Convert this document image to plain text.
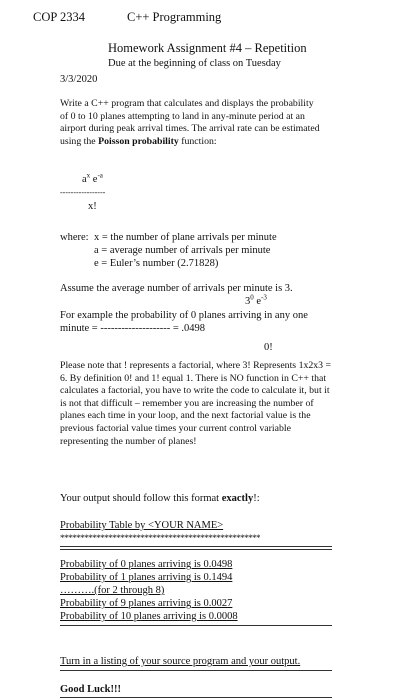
COP 2334	C++ Programming
Homework Assignment #4 – Repetition
Due at the beginning of class on Tuesday
3/3/2020
Write a C++ program that calculates and displays the probability of 0 to 10 planes attempting to land in any-minute period at an airport during peak arrival times. The arrival rate can be estimated using the Poisson probability function:
$a^x$ $e^{-a}$
-----------------
x!
where: x = the number of plane arrivals per minute
a = average number of arrivals per minute
e = Euler’s number (2.71828)
Assume the average number of arrivals per minute is 3.
$3^0$ $e^{-3}$
For example the probability of 0 planes arriving in any one
minute = -------------------- = .0498
0!
Please note that ! represents a factorial, where 3! Represents 1x2x3 = 6. By definition 0! and 1! equal 1. There is NO function in C++ that calculates a factorial, you have to write the code to calculate it, but it is not that difficult – remember you are increasing the number of planes each time in your loop, and the next factorial value is the previous factorial value times your current control variable representing the number of planes!
Your output should follow this format exactly!:
Probability Table by <YOUR NAME>
**************************************************
Probability of 0 planes arriving is 0.0498
Probability of 1 planes arriving is 0.1494
……….(for 2 through 8)
Probability of 9 planes arriving is 0.0027
Probability of 10 planes arriving is 0.0008
Turn in a listing of your source program and your output.
Good Luck!!!
